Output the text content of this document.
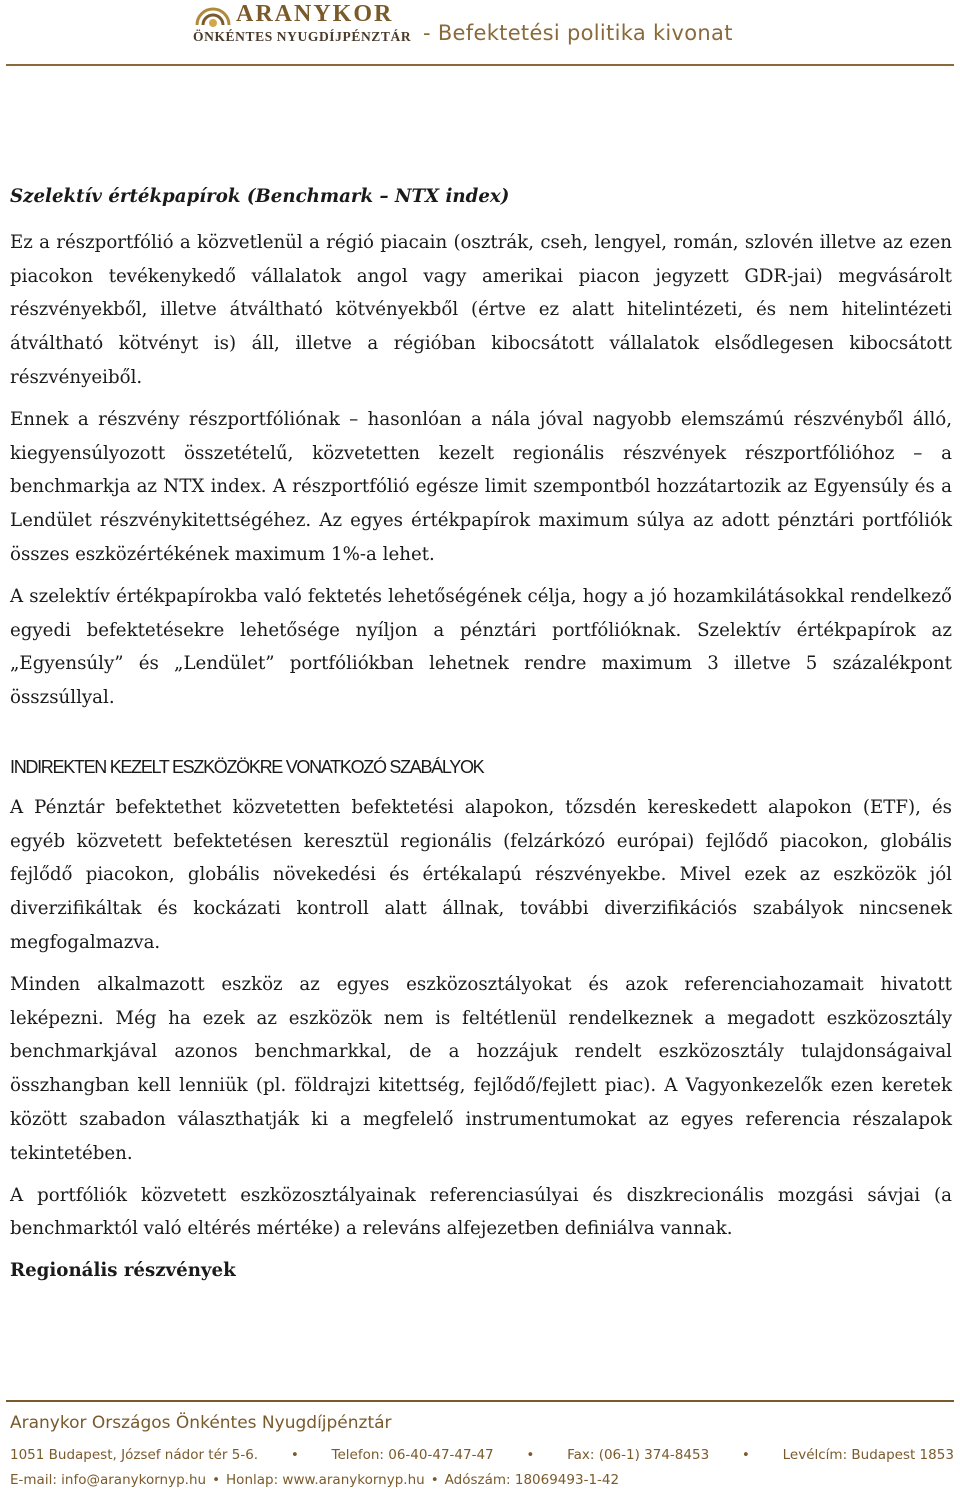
ARANYKOR
ÖNKÉNTES NYUGDÍJPÉNZTÁR - Befektetési politika kivonat

Szelektív értékpapírok (Benchmark – NTX index)

Ez a részportfólió a közvetlenül a régió piacain (osztrák, cseh, lengyel, román, szlovén illetve az ezen piacokon tevékenykedő vállalatok angol vagy amerikai piacon jegyzett GDR-jai) megvásárolt részvényekből, illetve átváltható kötvényekből (értve ez alatt hitelintézeti, és nem hitelintézeti átváltható kötvényt is) áll, illetve a régióban kibocsátott vállalatok elsődlegesen kibocsátott részvényeiből.

Ennek a részvény részportfóliónak – hasonlóan a nála jóval nagyobb elemszámú részvényből álló, kiegyensúlyozott összetételű, közvetetten kezelt regionális részvények részportfólióhoz – a benchmarkja az NTX index. A részportfólió egésze limit szempontból hozzátartozik az Egyensúly és a Lendület részvénykitettségéhez. Az egyes értékpapírok maximum súlya az adott pénztári portfóliók összes eszközértékének maximum 1%-a lehet.

A szelektív értékpapírokba való fektetés lehetőségének célja, hogy a jó hozamkilátásokkal rendelkező egyedi befektetésekre lehetősége nyíljon a pénztári portfólióknak. Szelektív értékpapírok az „Egyensúly” és „Lendület” portfóliókban lehetnek rendre maximum 3 illetve 5 százalékpont összsúllyal.

INDIREKTEN KEZELT ESZKÖZÖKRE VONATKOZÓ SZABÁLYOK

A Pénztár befektethet közvetetten befektetési alapokon, tőzsdén kereskedett alapokon (ETF), és egyéb közvetett befektetésen keresztül regionális (felzárkózó európai) fejlődő piacokon, globális fejlődő piacokon, globális növekedési és értékalapú részvényekbe. Mivel ezek az eszközök jól diverzifikáltak és kockázati kontroll alatt állnak, további diverzifikációs szabályok nincsenek megfogalmazva.

Minden alkalmazott eszköz az egyes eszközosztályokat és azok referenciahozamait hivatott leképezni. Még ha ezek az eszközök nem is feltétlenül rendelkeznek a megadott eszközosztály benchmarkjával azonos benchmarkkal, de a hozzájuk rendelt eszközosztály tulajdonságaival összhangban kell lenniük (pl. földrajzi kitettség, fejlődő/fejlett piac). A Vagyonkezelők ezen keretek között szabadon választhatják ki a megfelelő instrumentumokat az egyes referencia részalapok tekintetében.

A portfóliók közvetett eszközosztályainak referenciasúlyai és diszkrecionális mozgási sávjai (a benchmarktól való eltérés mértéke) a releváns alfejezetben definiálva vannak.

Regionális részvények

Aranykor Országos Önkéntes Nyugdíjpénztár
1051 Budapest, József nádor tér 5-6. • Telefon: 06-40-47-47-47 • Fax: (06-1) 374-8453 • Levélcím: Budapest 1853
E-mail: info@aranykornyp.hu • Honlap: www.aranykornyp.hu • Adószám: 18069493-1-42
